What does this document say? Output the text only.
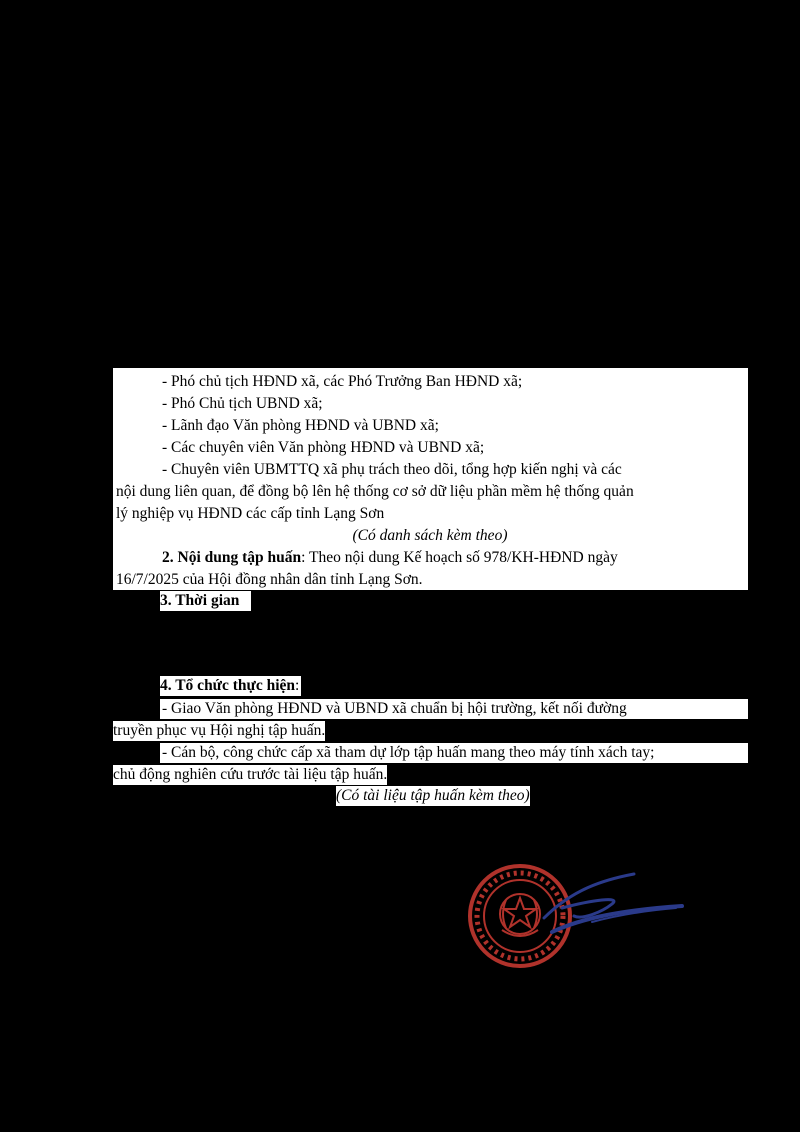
- Phó chủ tịch HĐND xã, các Phó Trưởng Ban HĐND xã;
- Phó Chủ tịch UBND xã;
- Lãnh đạo Văn phòng HĐND và UBND xã;
- Các chuyên viên Văn phòng HĐND và UBND xã;
- Chuyên viên UBMTTQ xã phụ trách theo dõi, tổng hợp kiến nghị và các
nội dung liên quan, để đồng bộ lên hệ thống cơ sở dữ liệu phần mềm hệ thống quản
lý nghiệp vụ HĐND các cấp tỉnh Lạng Sơn
(Có danh sách kèm theo)
2. Nội dung tập huấn: Theo nội dung Kế hoạch số 978/KH-HĐND ngày
16/7/2025 của Hội đồng nhân dân tỉnh Lạng Sơn.
3. Thời gian
4. Tổ chức thực hiện:
- Giao Văn phòng HĐND và UBND xã chuẩn bị hội trường, kết nối đường
truyền phục vụ Hội nghị tập huấn.
- Cán bộ, công chức cấp xã tham dự lớp tập huấn mang theo máy tính xách tay;
chủ động nghiên cứu trước tài liệu tập huấn.
(Có tài liệu tập huấn kèm theo)
